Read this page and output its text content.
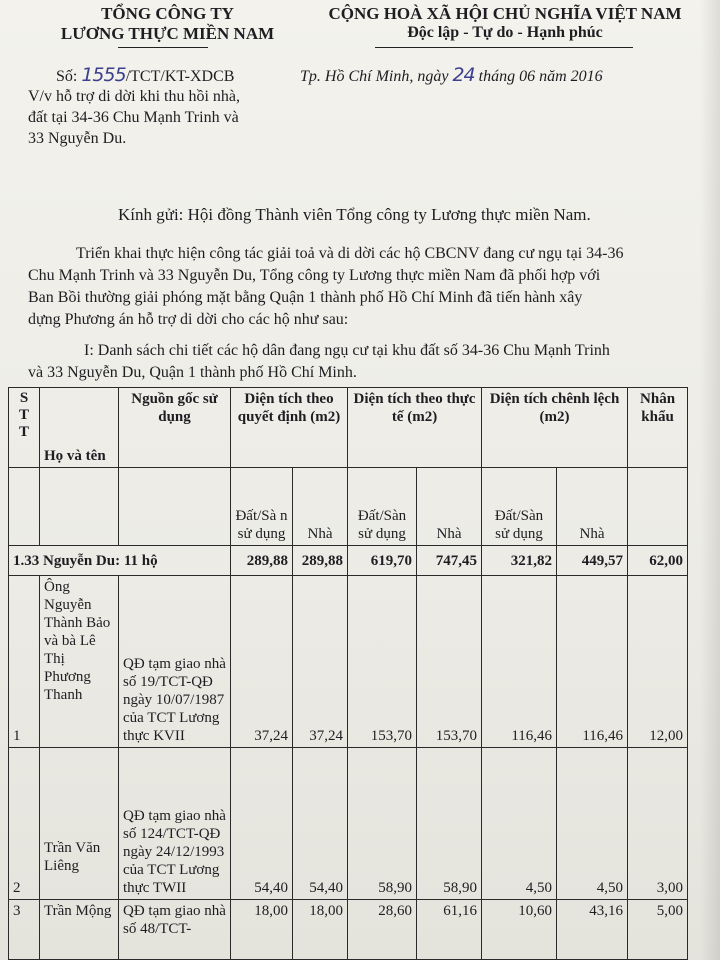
TỔNG CÔNG TY
LƯƠNG THỰC MIỀN NAM
CỘNG HOÀ XÃ HỘI CHỦ NGHĨA VIỆT NAM
Độc lập - Tự do - Hạnh phúc
Số: 1555/TCT/KT-XDCB	Tp. Hồ Chí Minh, ngày 24 tháng 06 năm 2016
V/v hỗ trợ di dời khi thu hồi nhà,
đất tại 34-36 Chu Mạnh Trinh và
33 Nguyễn Du.
Kính gửi: Hội đồng Thành viên Tổng công ty Lương thực miền Nam.
Triển khai thực hiện công tác giải toả và di dời các hộ CBCNV đang cư ngụ tại 34-36
Chu Mạnh Trinh và 33 Nguyễn Du, Tổng công ty Lương thực miền Nam đã phối hợp với
Ban Bồi thường giải phóng mặt bằng Quận 1 thành phố Hồ Chí Minh đã tiến hành xây
dựng Phương án hỗ trợ di dời cho các hộ như sau:
I: Danh sách chi tiết các hộ dân đang ngụ cư tại khu đất số 34-36 Chu Mạnh Trinh
và 33 Nguyễn Du, Quận 1 thành phố Hồ Chí Minh.
S
T
T	Họ và tên	Nguồn gốc sử dụng	Diện tích theo quyết định (m2)		Diện tích theo thực tế (m2)		Diện tích chênh lệch (m2)		Nhân khẩu
			Đất/Sà n sử dụng	Nhà	Đất/Sàn sử dụng	Nhà	Đất/Sàn sử dụng	Nhà	
1.33 Nguyễn Du: 11 hộ			289,88	289,88	619,70	747,45	321,82	449,57	62,00
1	Ông Nguyễn Thành Bảo và bà Lê Thị Phương Thanh	QĐ tạm giao nhà số 19/TCT-QĐ ngày 10/07/1987 của TCT Lương thực KVII	37,24	37,24	153,70	153,70	116,46	116,46	12,00
2	Trần Văn Liêng	QĐ tạm giao nhà số 124/TCT-QĐ ngày 24/12/1993 của TCT Lương thực TWII	54,40	54,40	58,90	58,90	4,50	4,50	3,00
3	Trần Mộng	QĐ tạm giao nhà số 48/TCT-	18,00	18,00	28,60	61,16	10,60	43,16	5,00
